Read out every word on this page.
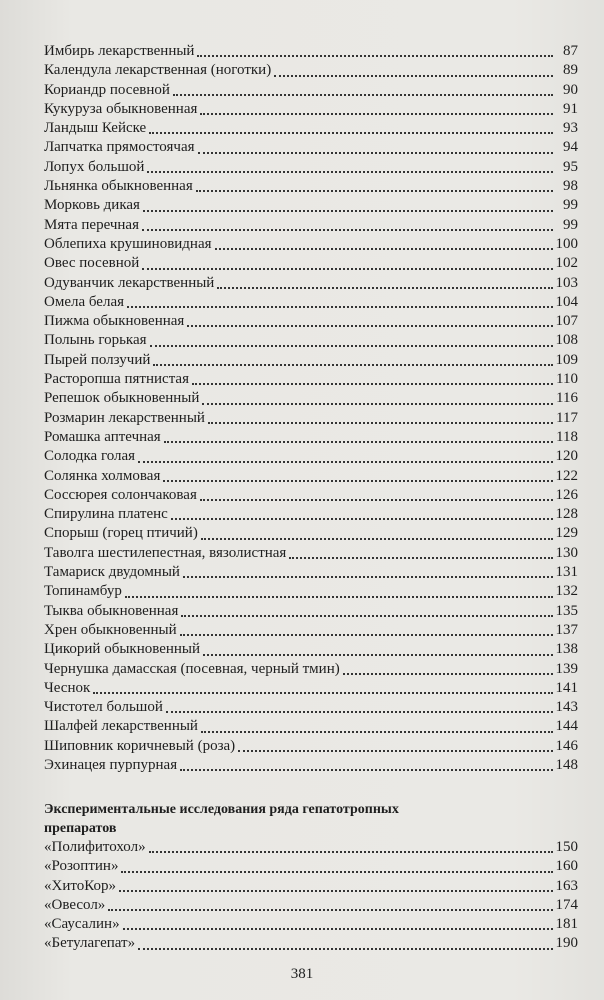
Имбирь лекарственный	87
Календула лекарственная (ноготки)	89
Кориандр посевной	90
Кукуруза обыкновенная	91
Ландыш Кейске	93
Лапчатка прямостоячая	94
Лопух большой	95
Льнянка обыкновенная	98
Морковь дикая	99
Мята перечная	99
Облепиха крушиновидная	100
Овес посевной	102
Одуванчик лекарственный	103
Омела белая	104
Пижма обыкновенная	107
Полынь горькая	108
Пырей ползучий	109
Расторопша пятнистая	110
Репешок обыкновенный	116
Розмарин лекарственный	117
Ромашка аптечная	118
Солодка голая	120
Солянка холмовая	122
Соссюрея солончаковая	126
Спирулина платенс	128
Спорыш (горец птичий)	129
Таволга шестилепестная, вязолистная	130
Тамариск двудомный	131
Топинамбур	132
Тыква обыкновенная	135
Хрен обыкновенный	137
Цикорий обыкновенный	138
Чернушка дамасская (посевная, черный тмин)	139
Чеснок	141
Чистотел большой	143
Шалфей лекарственный	144
Шиповник коричневый (роза)	146
Эхинацея пурпурная	148
Экспериментальные исследования ряда гепатотропных
препаратов
«Полифитохол»	150
«Розоптин»	160
«ХитоКор»	163
«Овесол»	174
«Саусалин»	181
«Бетулагепат»	190
381
